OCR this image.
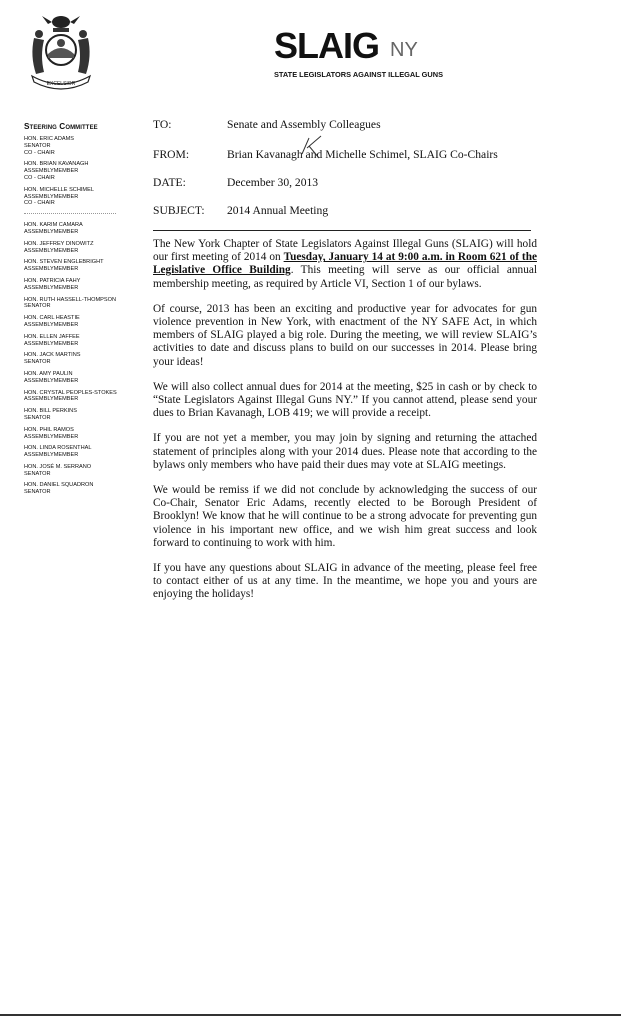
EXCELSIOR
SLAIG NY
STATE LEGISLATORS AGAINST ILLEGAL GUNS
Steering Committee
HON. ERIC ADAMS
SENATOR
CO - CHAIR
HON. BRIAN KAVANAGH
ASSEMBLYMEMBER
CO - CHAIR
HON. MICHELLE SCHIMEL
ASSEMBLYMEMBER
CO - CHAIR
HON. KARIM CAMARA
ASSEMBLYMEMBER
HON. JEFFREY DINOWITZ
ASSEMBLYMEMBER
HON. STEVEN ENGLEBRIGHT
ASSEMBLYMEMBER
HON. PATRICIA FAHY
ASSEMBLYMEMBER
HON. RUTH HASSELL-THOMPSON
SENATOR
HON. CARL HEASTIE
ASSEMBLYMEMBER
HON. ELLEN JAFFEE
ASSEMBLYMEMBER
HON. JACK MARTINS
SENATOR
HON. AMY PAULIN
ASSEMBLYMEMBER
HON. CRYSTAL PEOPLES-STOKES
ASSEMBLYMEMBER
HON. BILL PERKINS
SENATOR
HON. PHIL RAMOS
ASSEMBLYMEMBER
HON. LINDA ROSENTHAL
ASSEMBLYMEMBER
HON. JOSÉ M. SERRANO
SENATOR
HON. DANIEL SQUADRON
SENATOR
TO:	Senate and Assembly Colleagues
FROM:	Brian Kavanagh and Michelle Schimel, SLAIG Co-Chairs
DATE:	December 30, 2013
SUBJECT: 2014 Annual Meeting

The New York Chapter of State Legislators Against Illegal Guns (SLAIG) will hold our first meeting of 2014 on Tuesday, January 14 at 9:00 a.m. in Room 621 of the Legislative Office Building. This meeting will serve as our official annual membership meeting, as required by Article VI, Section 1 of our bylaws.

Of course, 2013 has been an exciting and productive year for advocates for gun violence prevention in New York, with enactment of the NY SAFE Act, in which members of SLAIG played a big role. During the meeting, we will review SLAIG’s activities to date and discuss plans to build on our successes in 2014. Please bring your ideas!

We will also collect annual dues for 2014 at the meeting, $25 in cash or by check to “State Legislators Against Illegal Guns NY.” If you cannot attend, please send your dues to Brian Kavanagh, LOB 419; we will provide a receipt.

If you are not yet a member, you may join by signing and returning the attached statement of principles along with your 2014 dues. Please note that according to the bylaws only members who have paid their dues may vote at SLAIG meetings.

We would be remiss if we did not conclude by acknowledging the success of our Co-Chair, Senator Eric Adams, recently elected to be Borough President of Brooklyn! We know that he will continue to be a strong advocate for preventing gun violence in his important new office, and we wish him great success and look forward to continuing to work with him.

If you have any questions about SLAIG in advance of the meeting, please feel free to contact either of us at any time. In the meantime, we hope you and yours are enjoying the holidays!
